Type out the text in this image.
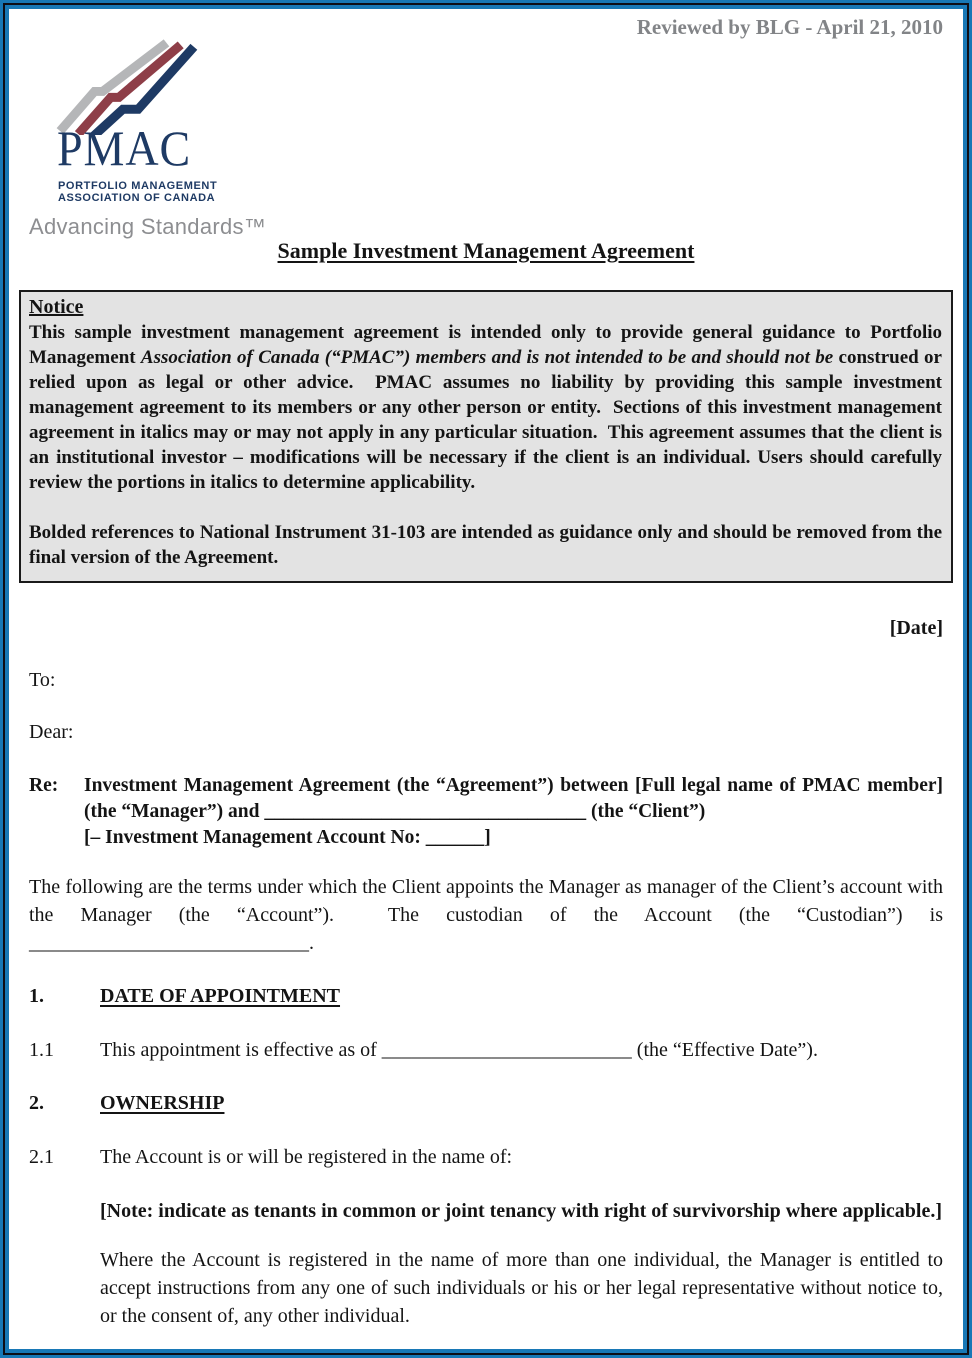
Reviewed by BLG - April 21, 2010
PMAC
PORTFOLIO MANAGEMENT
ASSOCIATION OF CANADA
Advancing Standards™
Sample Investment Management Agreement
Notice

This sample investment management agreement is intended only to provide general guidance to Portfolio Management Association of Canada (“PMAC”) members and is not intended to be and should not be construed or relied upon as legal or other advice.  PMAC assumes no liability by providing this sample investment management agreement to its members or any other person or entity.  Sections of this investment management agreement in italics may or may not apply in any particular situation.  This agreement assumes that the client is an institutional investor – modifications will be necessary if the client is an individual. Users should carefully review the portions in italics to determine applicability.

Bolded references to National Instrument 31-103 are intended as guidance only and should be removed from the final version of the Agreement.

[Date]

To:

Dear:

Re:	Investment Management Agreement (the “Agreement”) between [Full legal name of PMAC member] (the “Manager”) and _________________________________ (the “Client”)
[– Investment Management Account No: ______]

The following are the terms under which the Client appoints the Manager as manager of the Client’s account with the Manager (the “Account”).  The custodian of the Account (the “Custodian”) is ____________________________.

1.	DATE OF APPOINTMENT
1.1	This appointment is effective as of _________________________ (the “Effective Date”).
2.	OWNERSHIP
2.1	The Account is or will be registered in the name of:

[Note: indicate as tenants in common or joint tenancy with right of survivorship where applicable.]

Where the Account is registered in the name of more than one individual, the Manager is entitled to accept instructions from any one of such individuals or his or her legal representative without notice to, or the consent of, any other individual.
